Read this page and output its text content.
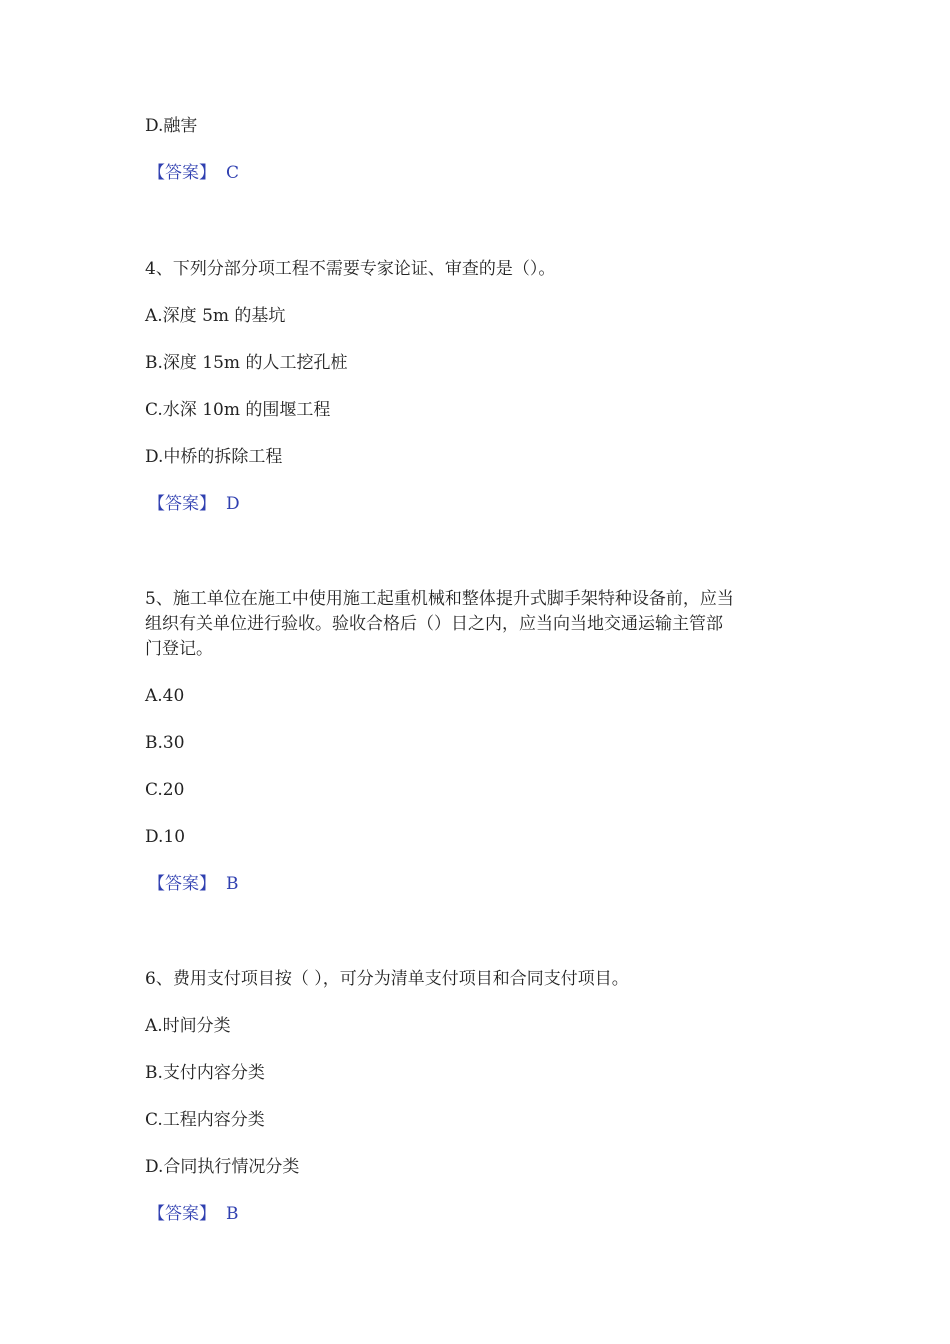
D.融害
【答案】 C
4、下列分部分项工程不需要专家论证、审查的是（）。
A.深度 5m 的基坑
B.深度 15m 的人工挖孔桩
C.水深 10m 的围堰工程
D.中桥的拆除工程
【答案】 D
5、施工单位在施工中使用施工起重机械和整体提升式脚手架特种设备前，应当
组织有关单位进行验收。验收合格后（）日之内，应当向当地交通运输主管部
门登记。
A.40
B.30
C.20
D.10
【答案】 B
6、费用支付项目按（ ），可分为清单支付项目和合同支付项目。
A.时间分类
B.支付内容分类
C.工程内容分类
D.合同执行情况分类
【答案】 B
